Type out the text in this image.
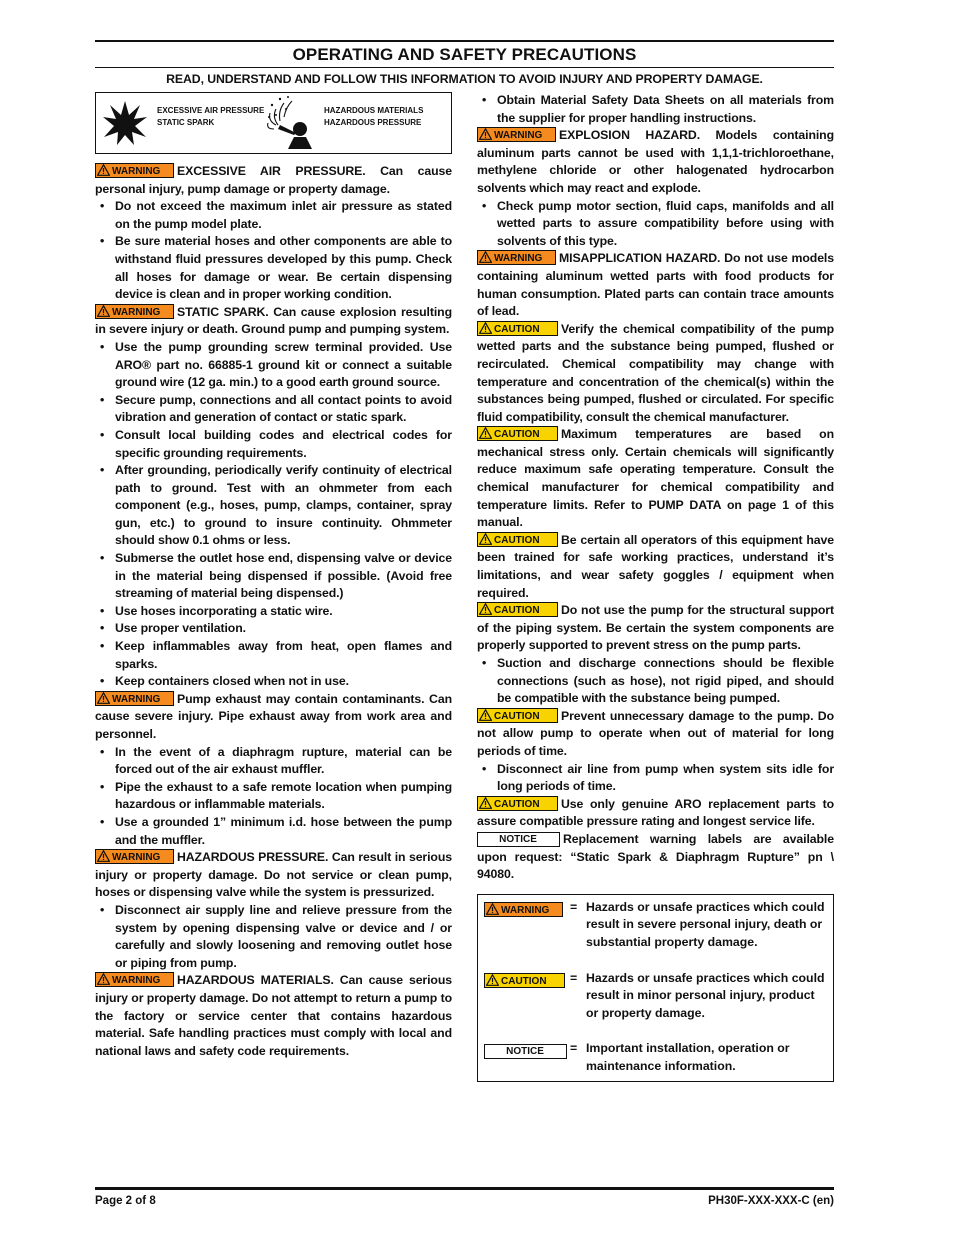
OPERATING AND SAFETY PRECAUTIONS
READ, UNDERSTAND AND FOLLOW THIS INFORMATION TO AVOID INJURY AND PROPERTY DAMAGE.
EXCESSIVE AIR PRESSURE
STATIC SPARK
HAZARDOUS MATERIALS
HAZARDOUS PRESSURE
WARNING EXCESSIVE AIR PRESSURE. Can cause personal injury, pump damage or property damage.
• Do not exceed the maximum inlet air pressure as stated on the pump model plate.
• Be sure material hoses and other components are able to withstand fluid pressures developed by this pump. Check all hoses for damage or wear. Be certain dispensing device is clean and in proper working condition.
WARNING STATIC SPARK. Can cause explosion resulting in severe injury or death. Ground pump and pumping system.
• Use the pump grounding screw terminal provided. Use ARO® part no. 66885-1 ground kit or connect a suitable ground wire (12 ga. min.) to a good earth ground source.
• Secure pump, connections and all contact points to avoid vibration and generation of contact or static spark.
• Consult local building codes and electrical codes for specific grounding requirements.
• After grounding, periodically verify continuity of electrical path to ground. Test with an ohmmeter from each component (e.g., hoses, pump, clamps, container, spray gun, etc.) to ground to insure continuity. Ohmmeter should show 0.1 ohms or less.
• Submerse the outlet hose end, dispensing valve or device in the material being dispensed if possible. (Avoid free streaming of material being dispensed.)
• Use hoses incorporating a static wire.
• Use proper ventilation.
• Keep inflammables away from heat, open flames and sparks.
• Keep containers closed when not in use.
WARNING Pump exhaust may contain contaminants. Can cause severe injury. Pipe exhaust away from work area and personnel.
• In the event of a diaphragm rupture, material can be forced out of the air exhaust muffler.
• Pipe the exhaust to a safe remote location when pumping hazardous or inflammable materials.
• Use a grounded 1” minimum i.d. hose between the pump and the muffler.
WARNING HAZARDOUS PRESSURE. Can result in serious injury or property damage. Do not service or clean pump, hoses or dispensing valve while the system is pressurized.
• Disconnect air supply line and relieve pressure from the system by opening dispensing valve or device and / or carefully and slowly loosening and removing outlet hose or piping from pump.
WARNING HAZARDOUS MATERIALS. Can cause serious injury or property damage. Do not attempt to return a pump to the factory or service center that contains hazardous material. Safe handling practices must comply with local and national laws and safety code requirements.
• Obtain Material Safety Data Sheets on all materials from the supplier for proper handling instructions.
WARNING EXPLOSION HAZARD. Models containing aluminum parts cannot be used with 1,1,1-trichloroethane, methylene chloride or other halogenated hydrocarbon solvents which may react and explode.
• Check pump motor section, fluid caps, manifolds and all wetted parts to assure compatibility before using with solvents of this type.
WARNING MISAPPLICATION HAZARD. Do not use models containing aluminum wetted parts with food products for human consumption. Plated parts can contain trace amounts of lead.
CAUTION Verify the chemical compatibility of the pump wetted parts and the substance being pumped, flushed or recirculated. Chemical compatibility may change with temperature and concentration of the chemical(s) within the substances being pumped, flushed or circulated. For specific fluid compatibility, consult the chemical manufacturer.
CAUTION Maximum temperatures are based on mechanical stress only. Certain chemicals will significantly reduce maximum safe operating temperature. Consult the chemical manufacturer for chemical compatibility and temperature limits. Refer to PUMP DATA on page 1 of this manual.
CAUTION Be certain all operators of this equipment have been trained for safe working practices, understand it’s limitations, and wear safety goggles / equipment when required.
CAUTION Do not use the pump for the structural support of the piping system. Be certain the system components are properly supported to prevent stress on the pump parts.
• Suction and discharge connections should be flexible connections (such as hose), not rigid piped, and should be compatible with the substance being pumped.
CAUTION Prevent unnecessary damage to the pump. Do not allow pump to operate when out of material for long periods of time.
• Disconnect air line from pump when system sits idle for long periods of time.
CAUTION Use only genuine ARO replacement parts to assure compatible pressure rating and longest service life.
NOTICE Replacement warning labels are available upon request: “Static Spark & Diaphragm Rupture” pn \ 94080.
WARNING	= Hazards or unsafe practices which could result in severe personal injury, death or substantial property damage.
CAUTION	= Hazards or unsafe practices which could result in minor personal injury, product or property damage.
NOTICE	= Important installation, operation or maintenance information.
Page 2 of 8	PH30F-XXX-XXX-C (en)
